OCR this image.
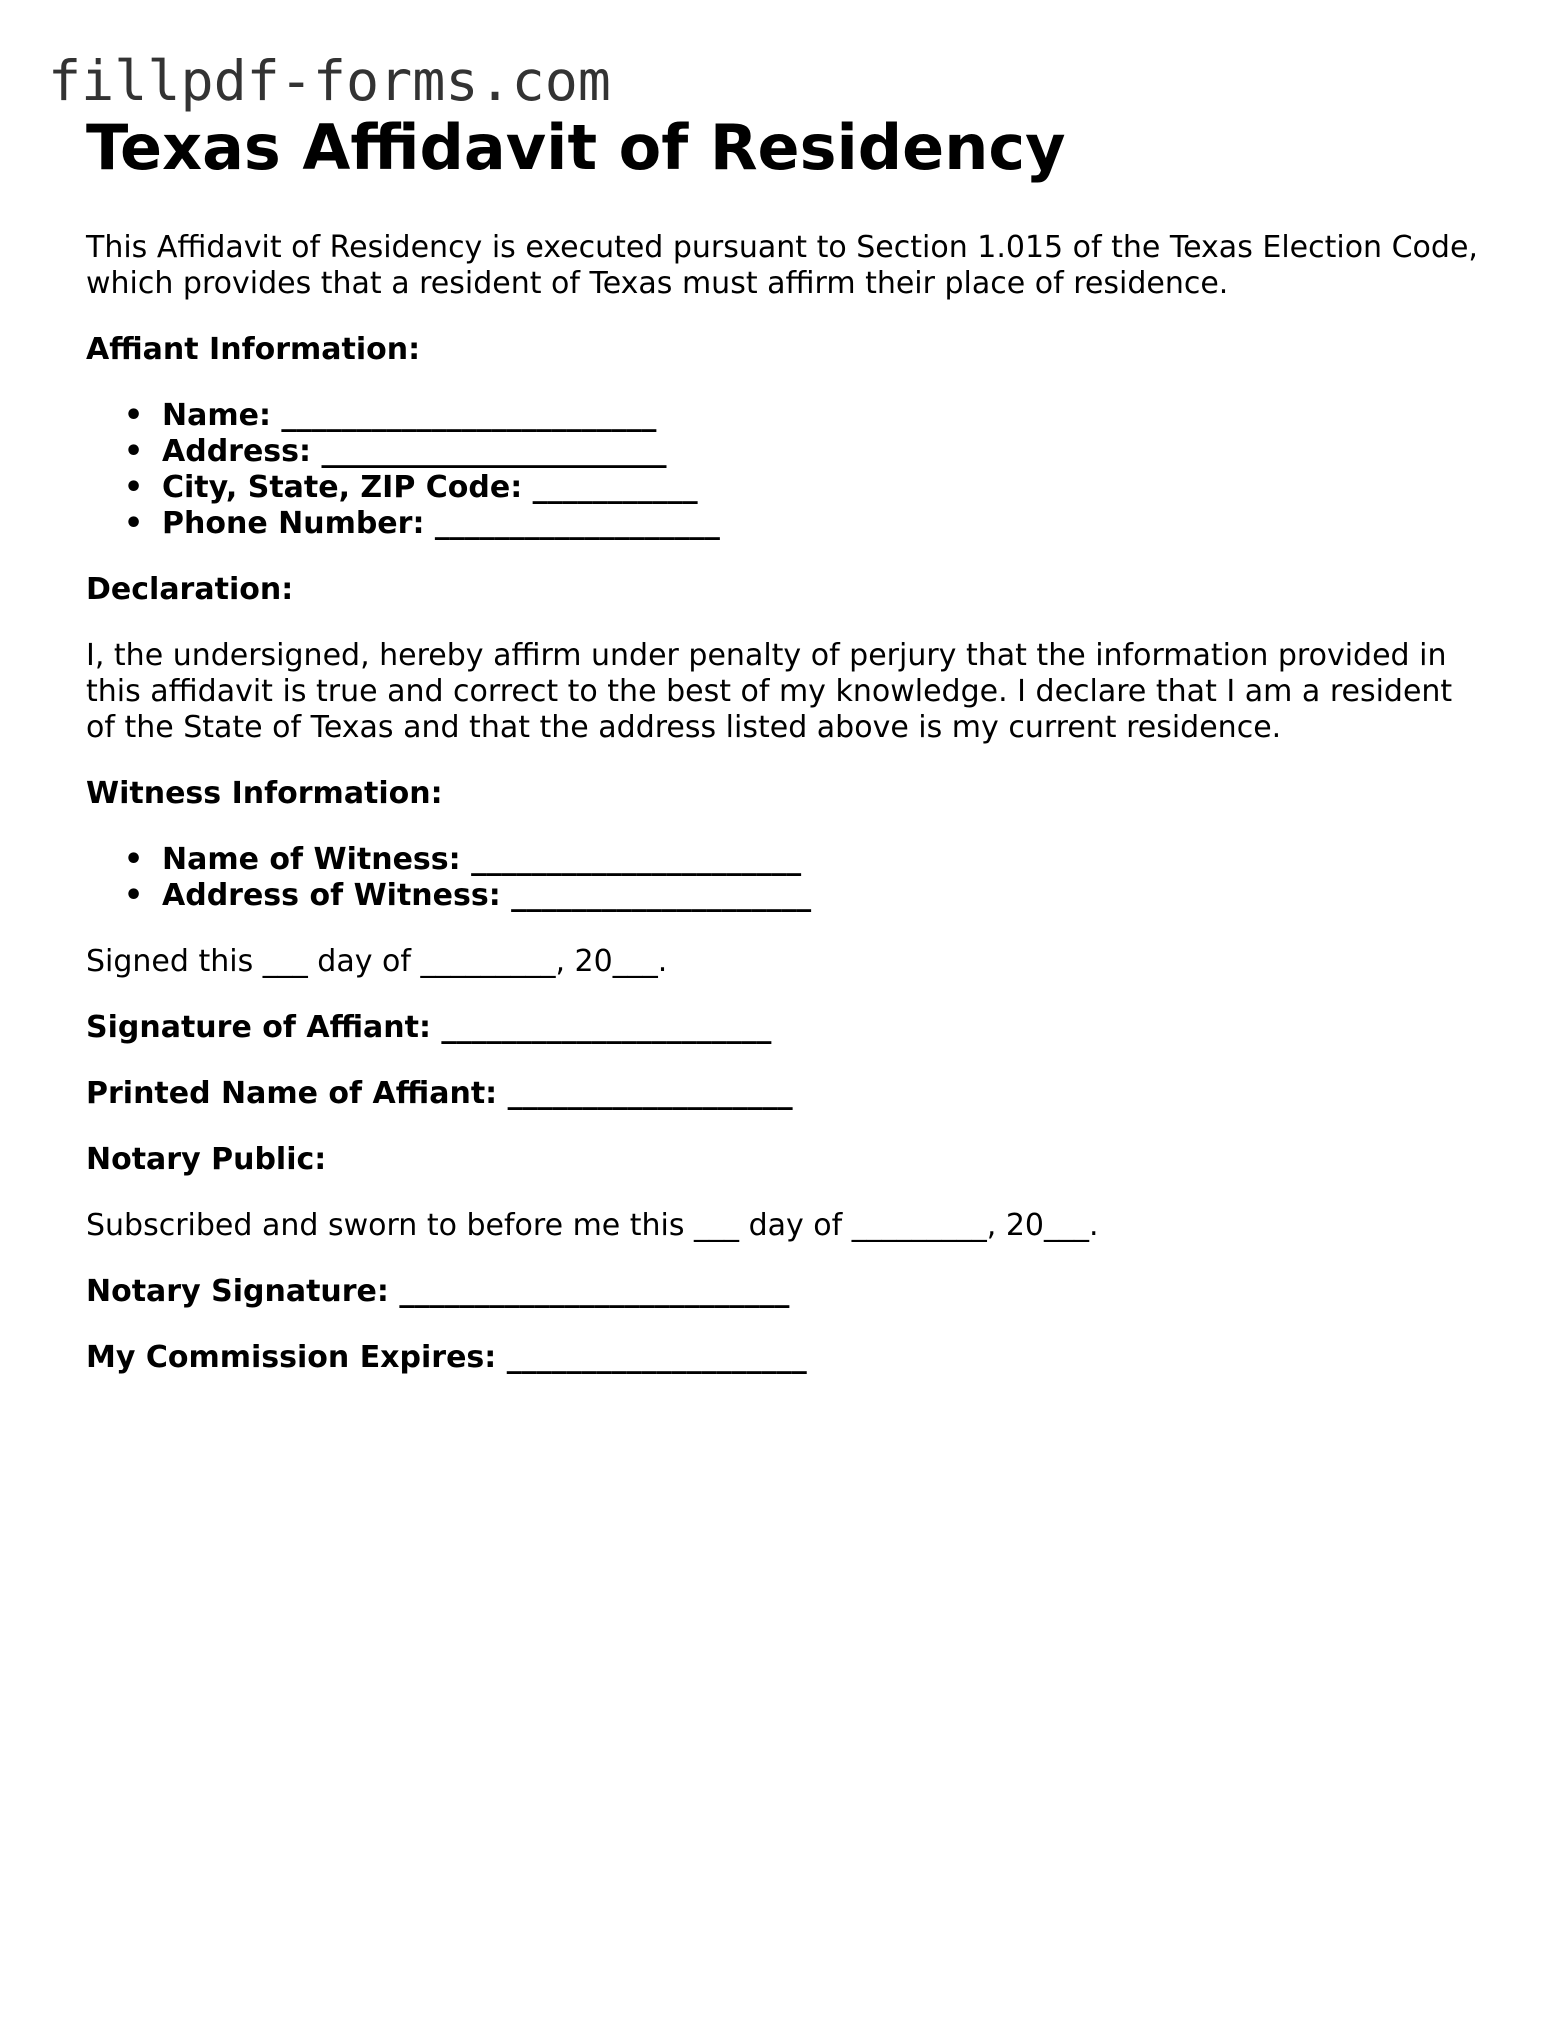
fillpdf-forms.com
Texas Affidavit of Residency

This Affidavit of Residency is executed pursuant to Section 1.015 of the Texas Election Code, which provides that a resident of Texas must affirm their place of residence.

Affiant Information:

• Name: _________________________
• Address: _______________________
• City, State, ZIP Code: ___________
• Phone Number: ___________________

Declaration:

I, the undersigned, hereby affirm under penalty of perjury that the information provided in this affidavit is true and correct to the best of my knowledge. I declare that I am a resident of the State of Texas and that the address listed above is my current residence.

Witness Information:

• Name of Witness: ______________________
• Address of Witness: ____________________

Signed this ___ day of _________, 20___.

Signature of Affiant: ______________________

Printed Name of Affiant: ___________________

Notary Public:

Subscribed and sworn to before me this ___ day of _________, 20___.

Notary Signature: __________________________

My Commission Expires: ____________________
